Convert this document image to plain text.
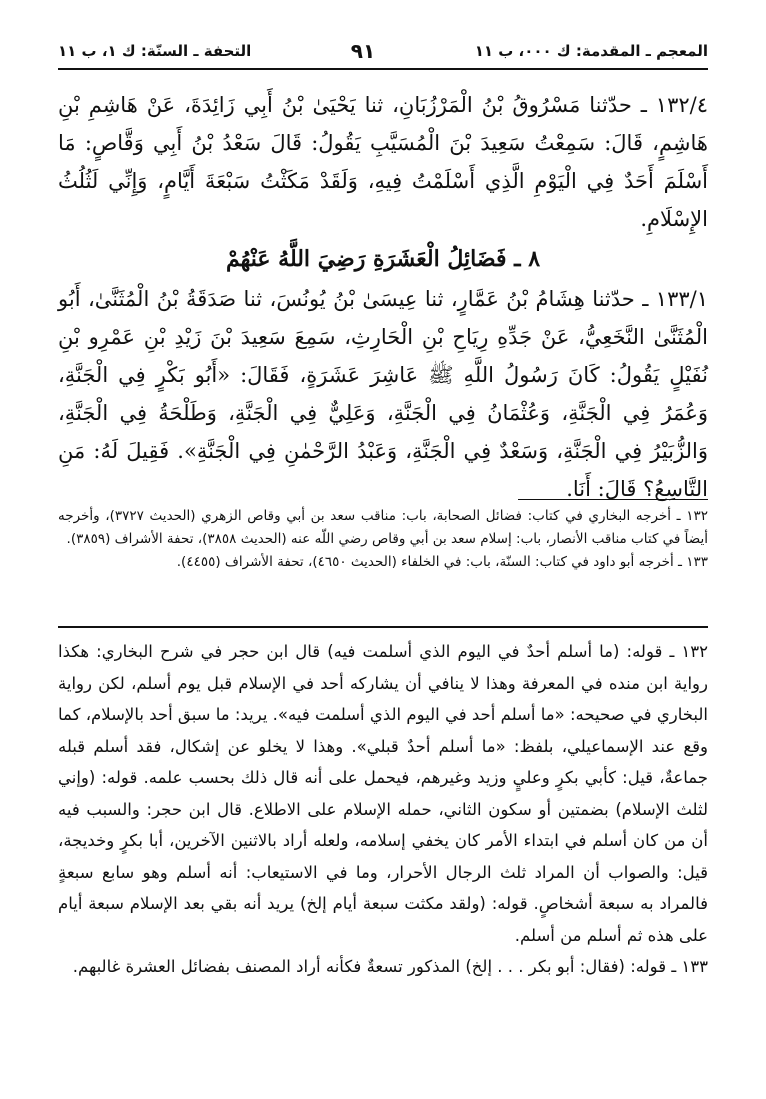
المعجم ـ المقدمة: ك ٠٠٠، ب ١١
٩١
التحفة ـ السنّة: ك ١، ب ١١

١٣٢/٤ ـ حدّثنا مَسْرُوقُ بْنُ الْمَرْزُبَانِ، ثنا يَحْيَىٰ بْنُ أَبِي زَائِدَةَ، عَنْ هَاشِمِ بْنِ هَاشِمٍ، قَالَ: سَمِعْتُ سَعِيدَ بْنَ الْمُسَيَّبِ يَقُولُ: قَالَ سَعْدُ بْنُ أَبِي وَقَّاصٍ: مَا أَسْلَمَ أَحَدٌ فِي الْيَوْمِ الَّذِي أَسْلَمْتُ فِيهِ، وَلَقَدْ مَكَثْتُ سَبْعَةَ أَيَّامٍ، وَإِنِّي لَثُلُثُ الإِسْلَامِ.

٨ ـ فَضَائِلُ الْعَشَرَةِ رَضِيَ اللَّهُ عَنْهُمْ

١٣٣/١ ـ حدّثنا هِشَامُ بْنُ عَمَّارٍ، ثنا عِيسَىٰ بْنُ يُونُسَ، ثنا صَدَقَةُ بْنُ الْمُثَنَّىٰ، أَبُو الْمُثَنَّىٰ النَّخَعِيُّ، عَنْ جَدِّهِ رِيَاحِ بْنِ الْحَارِثِ، سَمِعَ سَعِيدَ بْنَ زَيْدِ بْنِ عَمْرِو بْنِ نُفَيْلٍ يَقُولُ: كَانَ رَسُولُ اللَّهِ ﷺ عَاشِرَ عَشَرَةٍ، فَقَالَ: «أَبُو بَكْرٍ فِي الْجَنَّةِ، وَعُمَرُ فِي الْجَنَّةِ، وَعُثْمَانُ فِي الْجَنَّةِ، وَعَلِيٌّ فِي الْجَنَّةِ، وَطَلْحَةُ فِي الْجَنَّةِ، وَالزُّبَيْرُ فِي الْجَنَّةِ، وَسَعْدٌ فِي الْجَنَّةِ، وَعَبْدُ الرَّحْمٰنِ فِي الْجَنَّةِ». فَقِيلَ لَهُ: مَنِ التَّاسِعُ؟ قَالَ: أَنَا.

١٣٢ ـ أخرجه البخاري في كتاب: فضائل الصحابة، باب: مناقب سعد بن أبي وقاص الزهري (الحديث ٣٧٢٧)، وأخرجه أيضاً في كتاب مناقب الأنصار، باب: إسلام سعد بن أبي وقاص رضي اللّه عنه (الحديث ٣٨٥٨)، تحفة الأشراف (٣٨٥٩).

١٣٣ ـ أخرجه أبو داود في كتاب: السنّة، باب: في الخلفاء (الحديث ٤٦٥٠)، تحفة الأشراف (٤٤٥٥).

١٣٢ ـ قوله: (ما أسلم أحدٌ في اليوم الذي أسلمت فيه) قال ابن حجر في شرح البخاري: هكذا رواية ابن منده في المعرفة وهذا لا ينافي أن يشاركه أحد في الإسلام قبل يوم أسلم، لكن رواية البخاري في صحيحه: «ما أسلم أحد في اليوم الذي أسلمت فيه». يريد: ما سبق أحد بالإسلام، كما وقع عند الإسماعيلي، بلفظ: «ما أسلم أحدٌ قبلي». وهذا لا يخلو عن إشكال، فقد أسلم قبله جماعةٌ، قيل: كأبي بكرٍ وعليٍ وزيد وغيرهم، فيحمل على أنه قال ذلك بحسب علمه. قوله: (وإني لثلث الإسلام) بضمتين أو سكون الثاني، حمله الإسلام على الاطلاع. قال ابن حجر: والسبب فيه أن من كان أسلم في ابتداء الأمر كان يخفي إسلامه، ولعله أراد بالاثنين الآخرين، أبا بكرٍ وخديجة، قيل: والصواب أن المراد ثلث الرجال الأحرار، وما في الاستيعاب: أنه أسلم وهو سابع سبعةٍ فالمراد به سبعة أشخاصٍ. قوله: (ولقد مكثت سبعة أيام إلخ) يريد أنه بقي بعد الإسلام سبعة أيام على هذه ثم أسلم من أسلم.

١٣٣ ـ قوله: (فقال: أبو بكر . . . إلخ) المذكور تسعةٌ فكأنه أراد المصنف بفضائل العشرة غالبهم.
